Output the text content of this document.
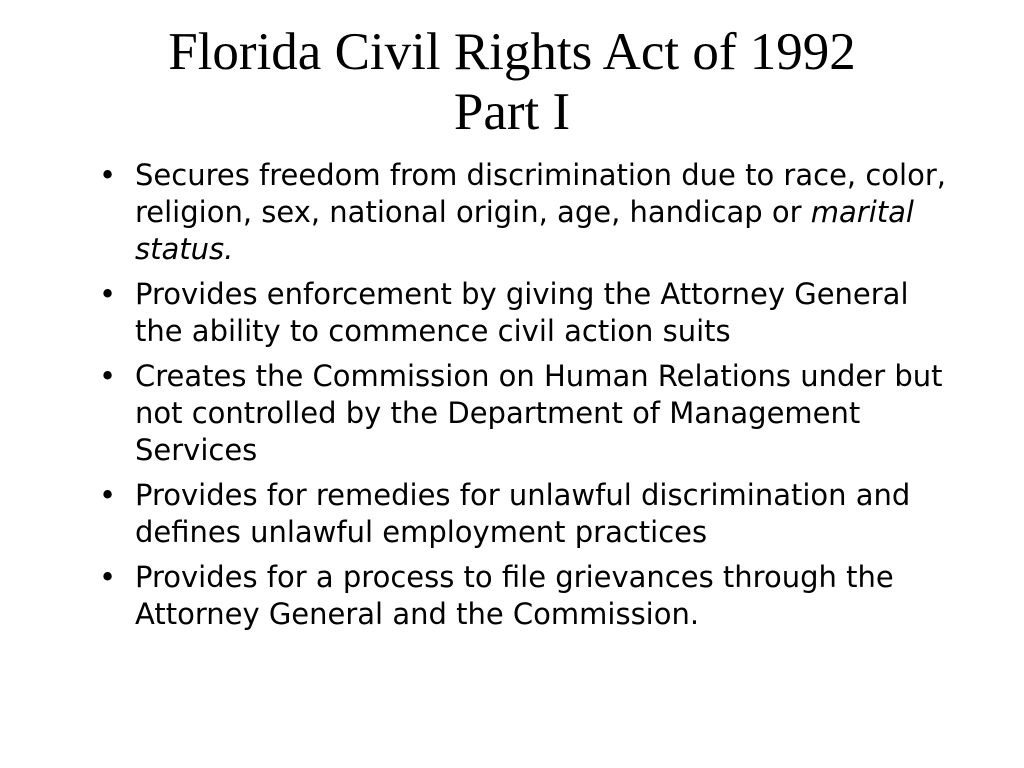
Florida Civil Rights Act of 1992
Part I
• Secures freedom from discrimination due to race, color, religion, sex, national origin, age, handicap or marital status.
• Provides enforcement by giving the Attorney General the ability to commence civil action suits
• Creates the Commission on Human Relations under but not controlled by the Department of Management Services
• Provides for remedies for unlawful discrimination and defines unlawful employment practices
• Provides for a process to file grievances through the Attorney General and the Commission.
